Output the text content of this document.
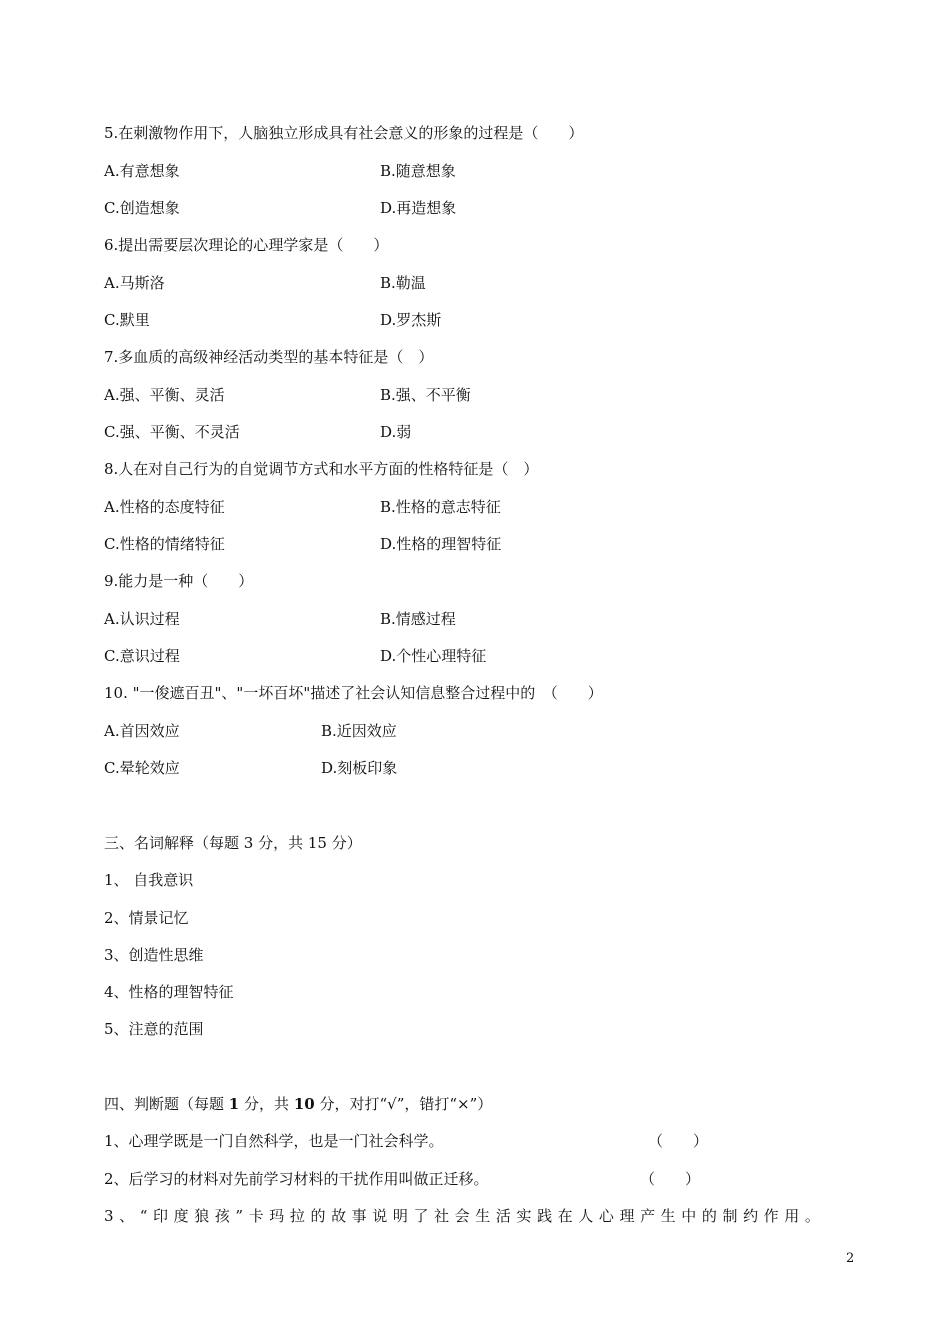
5.在刺激物作用下，人脑独立形成具有社会意义的形象的过程是（　　）
A.有意想象	B.随意想象
C.创造想象	D.再造想象
6.提出需要层次理论的心理学家是（　　）
A.马斯洛	B.勒温
C.默里	D.罗杰斯
7.多血质的高级神经活动类型的基本特征是（　）
A.强、平衡、灵活	B.强、不平衡
C.强、平衡、不灵活	D.弱
8.人在对自己行为的自觉调节方式和水平方面的性格特征是（　）
A.性格的态度特征	B.性格的意志特征
C.性格的情绪特征	D.性格的理智特征
9.能力是一种（　　）
A.认识过程	B.情感过程
C.意识过程	D.个性心理特征
10. "一俊遮百丑"、"一坏百坏"描述了社会认知信息整合过程中的　（　　）
A.首因效应	B.近因效应
C.晕轮效应	D.刻板印象
三、名词解释（每题 3 分，共 15 分）
1、 自我意识
2、情景记忆
3、创造性思维
4、性格的理智特征
5、注意的范围
四、判断题（每题 1 分，共 10 分，对打“√”，错打“×”）
1、心理学既是一门自然科学，也是一门社会科学。	（　　）
2、后学习的材料对先前学习材料的干扰作用叫做正迁移。	（　　）
3、“印度狼孩”卡玛拉的故事说明了社会生活实践在人心理产生中的制约作用。
2
